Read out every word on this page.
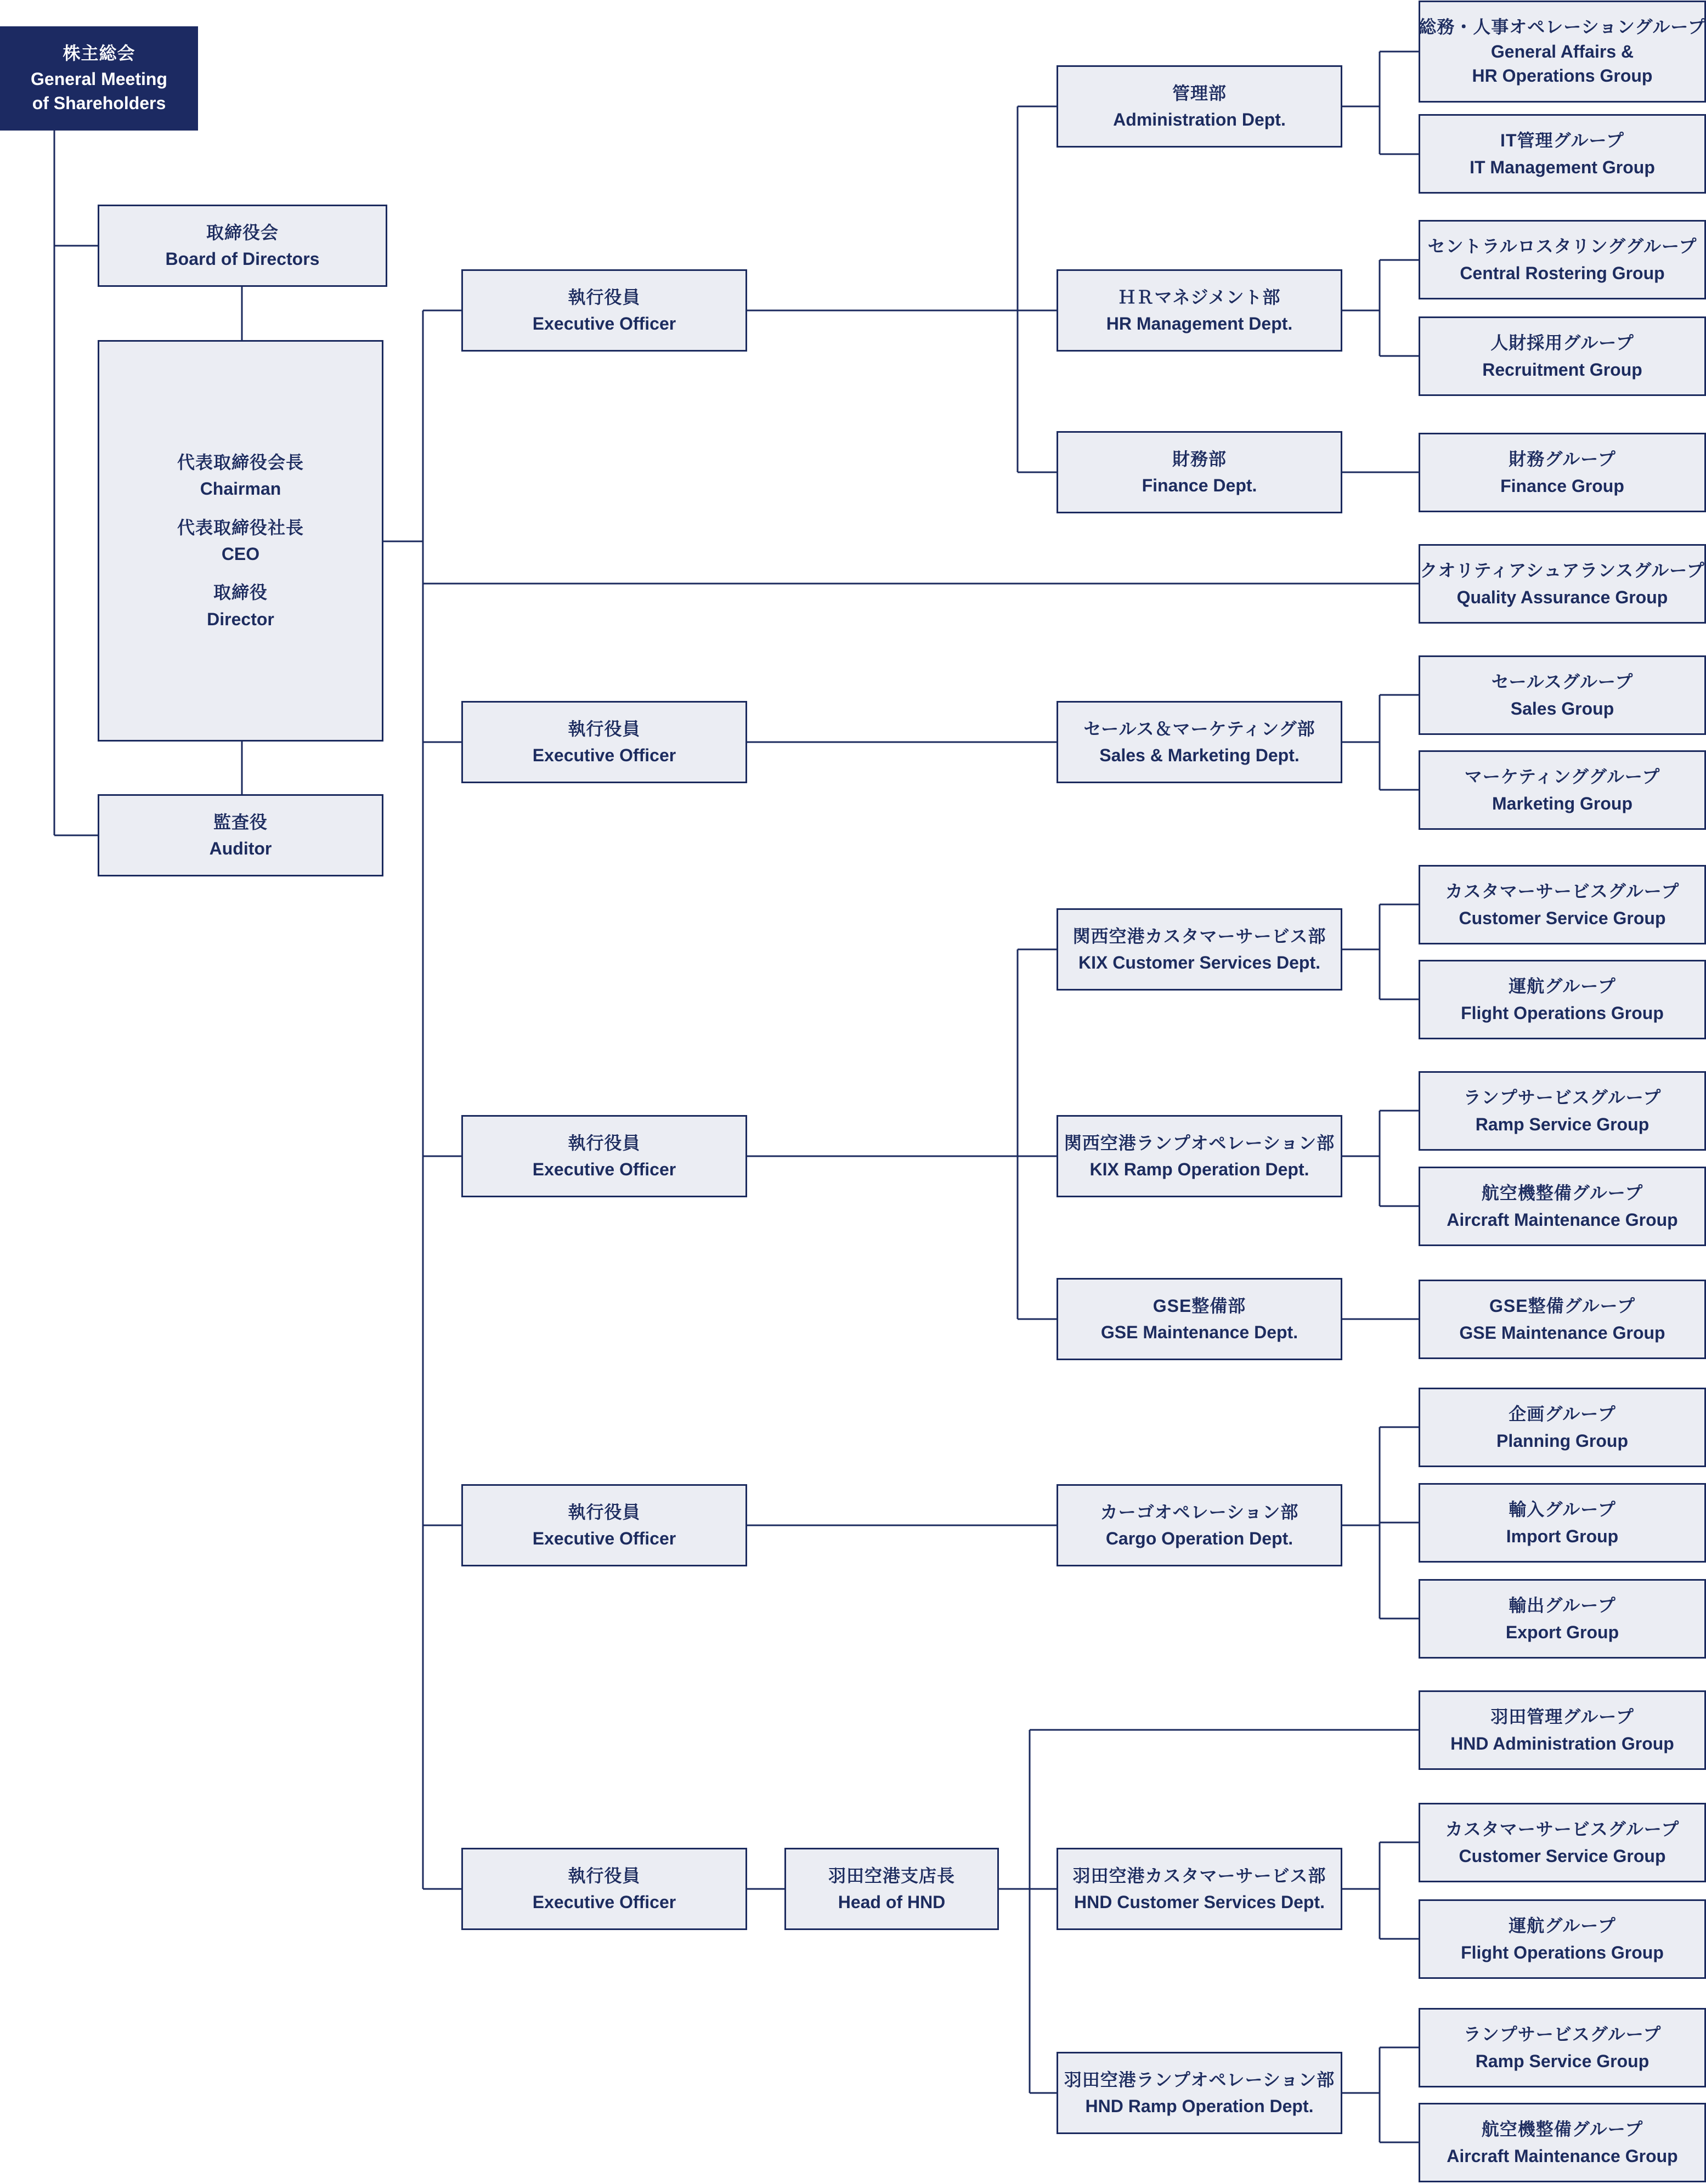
株主総会
General Meeting
of Shareholders
取締役会
Board of Directors
代表取締役会長
Chairman
代表取締役社長
CEO
取締役
Director
監査役
Auditor
執行役員
Executive Officer
執行役員
Executive Officer
執行役員
Executive Officer
執行役員
Executive Officer
執行役員
Executive Officer
羽田空港支店長
Head of HND
管理部
Administration Dept.
ＨＲマネジメント部
HR Management Dept.
財務部
Finance Dept.
セールス＆マーケティング部
Sales & Marketing Dept.
関西空港カスタマーサービス部
KIX Customer Services Dept.
関西空港ランプオペレーション部
KIX Ramp Operation Dept.
GSE整備部
GSE Maintenance Dept.
カーゴオペレーション部
Cargo Operation Dept.
羽田空港カスタマーサービス部
HND Customer Services Dept.
羽田空港ランプオペレーション部
HND Ramp Operation Dept.
総務・人事オペレーショングループ
General Affairs &
HR Operations Group
IT管理グループ
IT Management Group
セントラルロスタリンググループ
Central Rostering Group
人財採用グループ
Recruitment Group
財務グループ
Finance Group
クオリティアシュアランスグループ
Quality Assurance Group
セールスグループ
Sales Group
マーケティンググループ
Marketing Group
カスタマーサービスグループ
Customer Service Group
運航グループ
Flight Operations Group
ランプサービスグループ
Ramp Service Group
航空機整備グループ
Aircraft Maintenance Group
GSE整備グループ
GSE Maintenance Group
企画グループ
Planning Group
輸入グループ
Import Group
輸出グループ
Export Group
羽田管理グループ
HND Administration Group
カスタマーサービスグループ
Customer Service Group
運航グループ
Flight Operations Group
ランプサービスグループ
Ramp Service Group
航空機整備グループ
Aircraft Maintenance Group
